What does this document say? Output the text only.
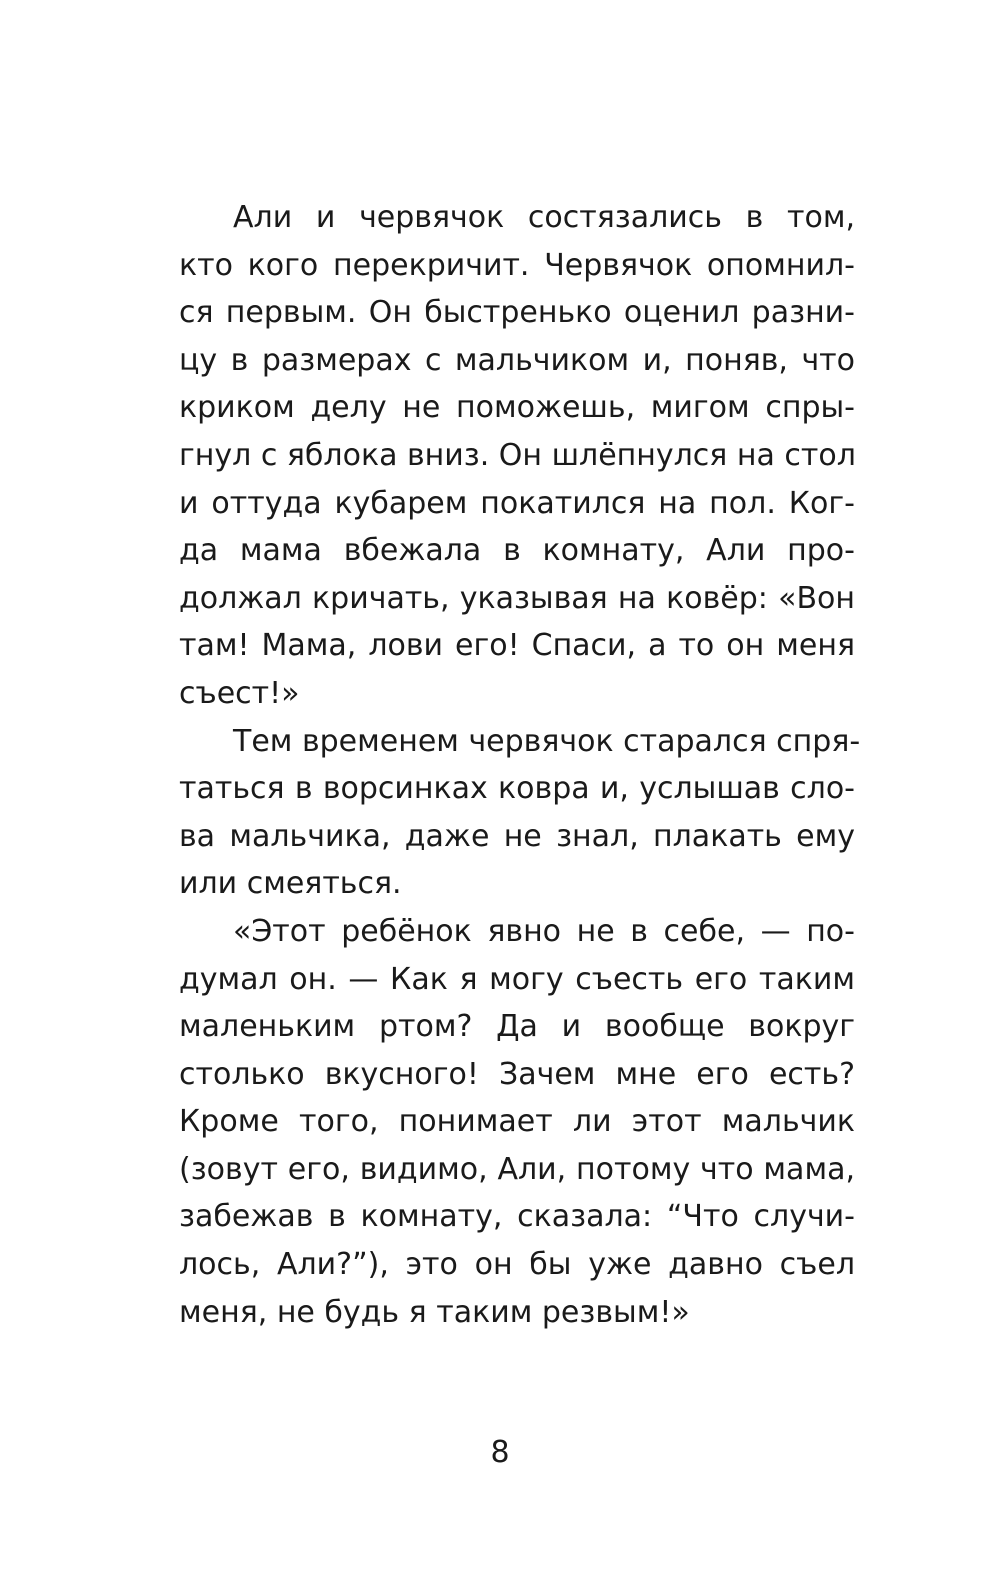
Али и червячок состязались в том,
кто кого перекричит. Червячок опомнил-
ся первым. Он быстренько оценил разни-
цу в размерах с мальчиком и, поняв, что
криком делу не поможешь, мигом спры-
гнул с яблока вниз. Он шлёпнулся на стол
и оттуда кубарем покатился на пол. Ког-
да мама вбежала в комнату, Али про-
должал кричать, указывая на ковёр: «Вон
там! Мама, лови его! Спаси, а то он меня
съест!»
Тем временем червячок старался спря-
таться в ворсинках ковра и, услышав сло-
ва мальчика, даже не знал, плакать ему
или смеяться.
«Этот ребёнок явно не в себе, — по-
думал он. — Как я могу съесть его таким
маленьким ртом? Да и вообще вокруг
столько вкусного! Зачем мне его есть?
Кроме того, понимает ли этот мальчик
(зовут его, видимо, Али, потому что мама,
забежав в комнату, сказала: “Что случи-
лось, Али?”), это он бы уже давно съел
меня, не будь я таким резвым!»
8
